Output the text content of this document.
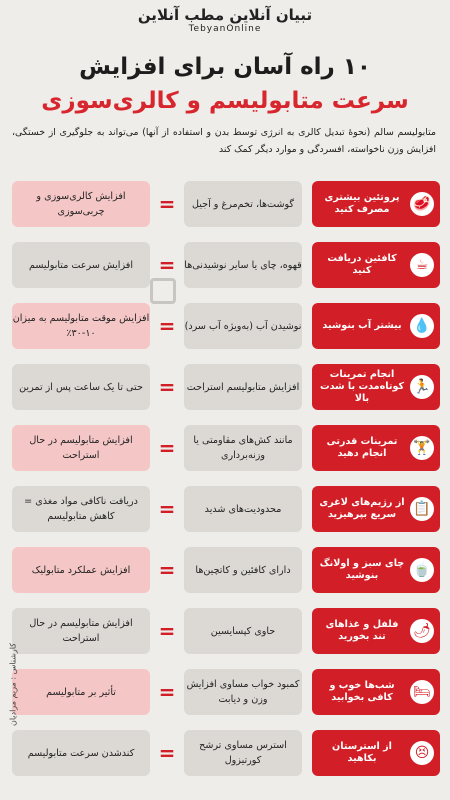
تبیان آنلاین مطب آنلاین
TebyanOnline
۱۰ راه آسان برای افزایش
سرعت متابولیسم و کالری‌سوزی
متابولیسم سالم (نحوۀ تبدیل کالری به انرژی توسط بدن و استفاده از آنها) می‌تواند به جلوگیری از خستگی، افزایش وزن ناخواسته، افسردگی و موارد دیگر کمک کند
🥩
پروتئین بیشتری مصرف کنید
گوشت‌ها، تخم‌مرغ و آجیل
=
افزایش کالری‌سوزی و چربی‌سوزی
☕
کافئین دریافت کنید
قهوه، چای یا سایر نوشیدنی‌ها
=
افزایش سرعت متابولیسم
💧
بیشتر آب بنوشید
نوشیدن آب (به‌ویژه آب سرد)
=
افزایش موقت متابولیسم به میزان ۱۰-۳۰٪
🏃
انجام تمرینات کوتاه‌مدت با شدت بالا
افزایش متابولیسم استراحت
=
حتی تا یک ساعت پس از تمرین
🏋
تمرینات قدرتی انجام دهید
مانند کش‌های مقاومتی یا وزنه‌برداری
=
افزایش متابولیسم در حال استراحت
📋
از رژیم‌های لاغری سریع بپرهیزید
محدودیت‌های شدید
=
دریافت ناکافی مواد مغذی = کاهش متابولیسم
🍵
چای سبز و اولانگ بنوشید
دارای کافئین و کاتچین‌ها
=
افزایش عملکرد متابولیک
🌶
فلفل و غذاهای تند بخورید
حاوی کپسایسین
=
افزایش متابولیسم در حال استراحت
🛏
شب‌ها خوب و کافی بخوابید
کمبود خواب مساوی افزایش وزن و دیابت
=
تأثیر بر متابولیسم
😣
از استرستان بکاهید
استرس مساوی ترشح کورتیزول
=
کندشدن سرعت متابولیسم
کارشناس : مریم مرادیان
